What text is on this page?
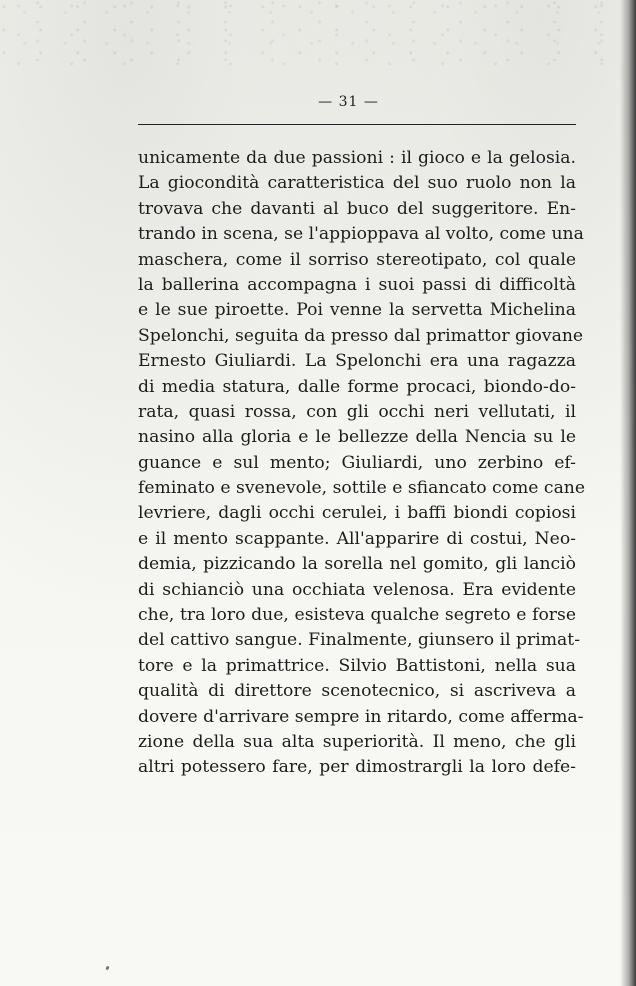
— 31 —
unicamente da due passioni : il gioco e la gelosia.
La giocondità caratteristica del suo ruolo non la
trovava che davanti al buco del suggeritore. En-
trando in scena, se l'appioppava al volto, come una
maschera, come il sorriso stereotipato, col quale
la ballerina accompagna i suoi passi di difficoltà
e le sue piroette. Poi venne la servetta Michelina
Spelonchi, seguita da presso dal primattor giovane
Ernesto Giuliardi. La Spelonchi era una ragazza
di media statura, dalle forme procaci, biondo-do-
rata, quasi rossa, con gli occhi neri vellutati, il
nasino alla gloria e le bellezze della Nencia su le
guance e sul mento; Giuliardi, uno zerbino ef-
feminato e svenevole, sottile e sfiancato come cane
levriere, dagli occhi cerulei, i baffi biondi copiosi
e il mento scappante. All'apparire di costui, Neo-
demia, pizzicando la sorella nel gomito, gli lanciò
di schianciò una occhiata velenosa. Era evidente
che, tra loro due, esisteva qualche segreto e forse
del cattivo sangue. Finalmente, giunsero il primat-
tore e la primattrice. Silvio Battistoni, nella sua
qualità di direttore scenotecnico, si ascriveva a
dovere d'arrivare sempre in ritardo, come afferma-
zione della sua alta superiorità. Il meno, che gli
altri potessero fare, per dimostrargli la loro defe-
